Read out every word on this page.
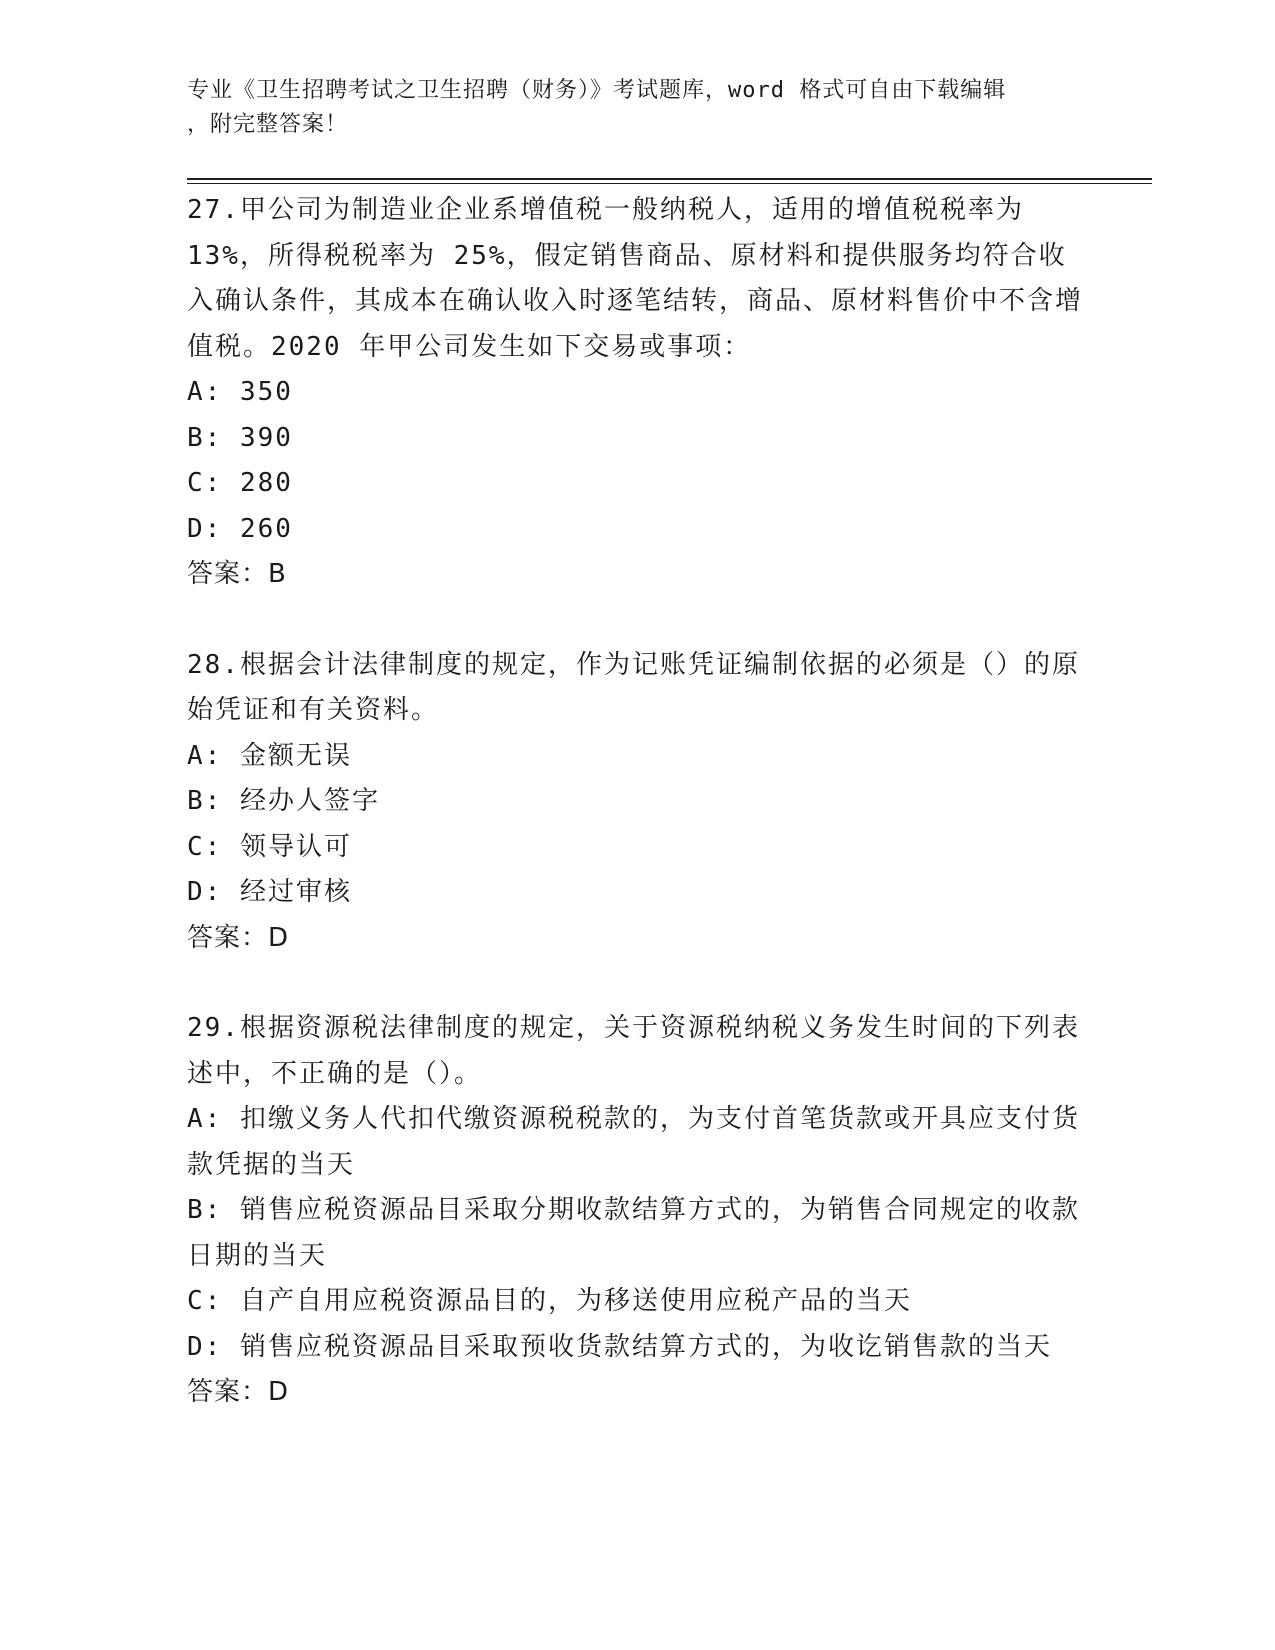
专业《卫生招聘考试之卫生招聘（财务）》考试题库，word 格式可自由下载编辑
，附完整答案！

27.甲公司为制造业企业系增值税一般纳税人，适用的增值税税率为 13%，所得税税率为 25%，假定销售商品、原材料和提供服务均符合收入确认条件，其成本在确认收入时逐笔结转，商品、原材料售价中不含增值税。2020 年甲公司发生如下交易或事项：

A: 350

B: 390

C: 280

D: 260

答案：B

28.根据会计法律制度的规定，作为记账凭证编制依据的必须是（）的原始凭证和有关资料。

A: 金额无误

B: 经办人签字

C: 领导认可

D: 经过审核

答案：D

29.根据资源税法律制度的规定，关于资源税纳税义务发生时间的下列表述中，不正确的是（）。

A: 扣缴义务人代扣代缴资源税税款的，为支付首笔货款或开具应支付货款凭据的当天

B: 销售应税资源品目采取分期收款结算方式的，为销售合同规定的收款日期的当天

C: 自产自用应税资源品目的，为移送使用应税产品的当天

D: 销售应税资源品目采取预收货款结算方式的，为收讫销售款的当天

答案：D
